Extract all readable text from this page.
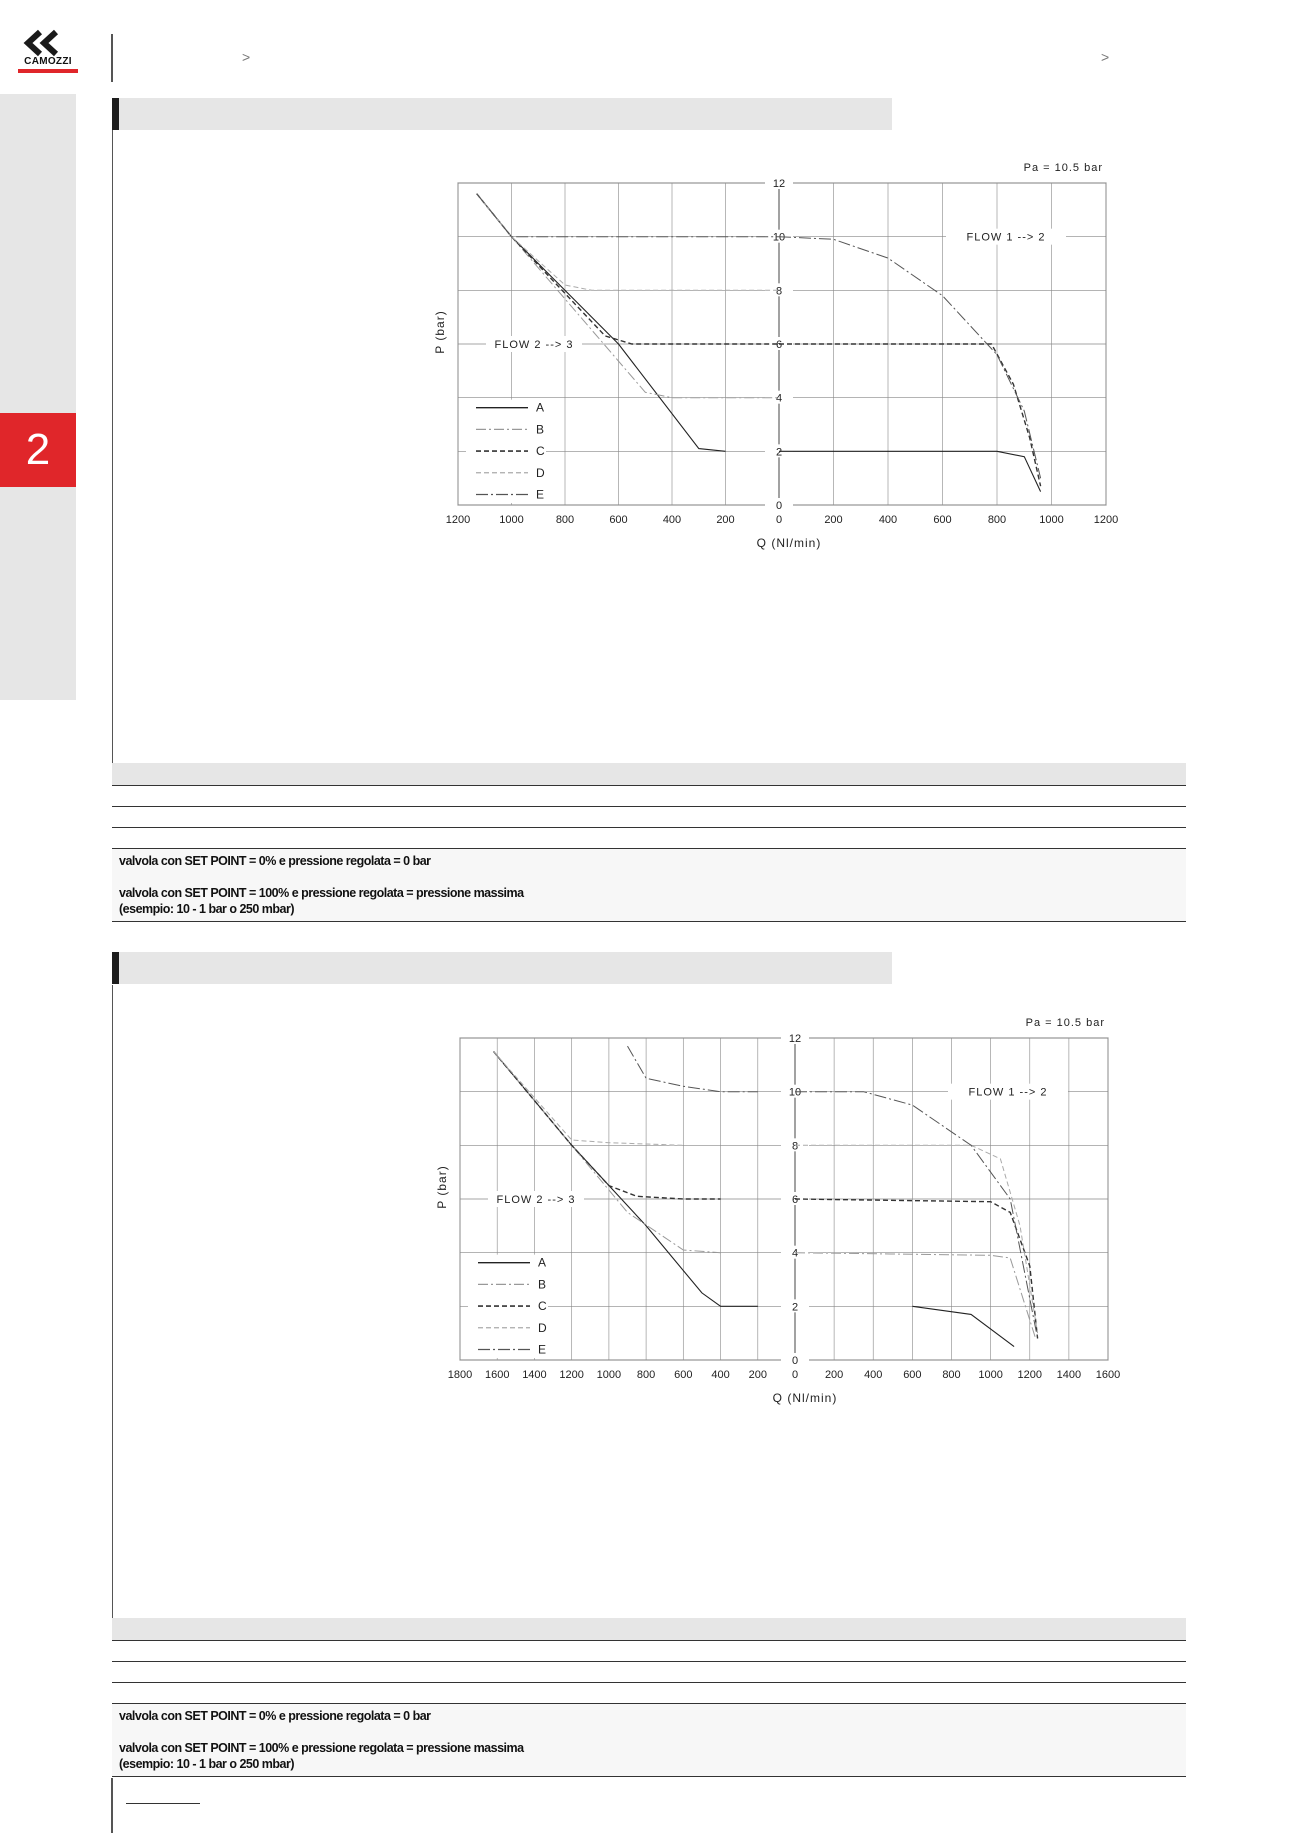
CAMOZZI	>	>
2
1200	1000	800	600	400	200	0	200	400	600	800	1000	1200
12
10
8
6
4
2
0
Pa = 10.5 bar
FLOW 1 --> 2
FLOW 2 --> 3
Q (Nl/min)
P (bar)
A
B
C
D
E
valvola con SET POINT = 0% e pressione regolata = 0 bar
valvola con SET POINT = 100% e pressione regolata = pressione massima
(esempio: 10 - 1 bar o 250 mbar)
1800 1600 1400 1200 1000 800 600 400 200 0 200 400 600 800 1000 1200 1400 1600
12
10
8
6
4
2
0
Pa = 10.5 bar
FLOW 1 --> 2
FLOW 2 --> 3
Q (Nl/min)
P (bar)
A
B
C
D
E
valvola con SET POINT = 0% e pressione regolata = 0 bar
valvola con SET POINT = 100% e pressione regolata = pressione massima
(esempio: 10 - 1 bar o 250 mbar)
